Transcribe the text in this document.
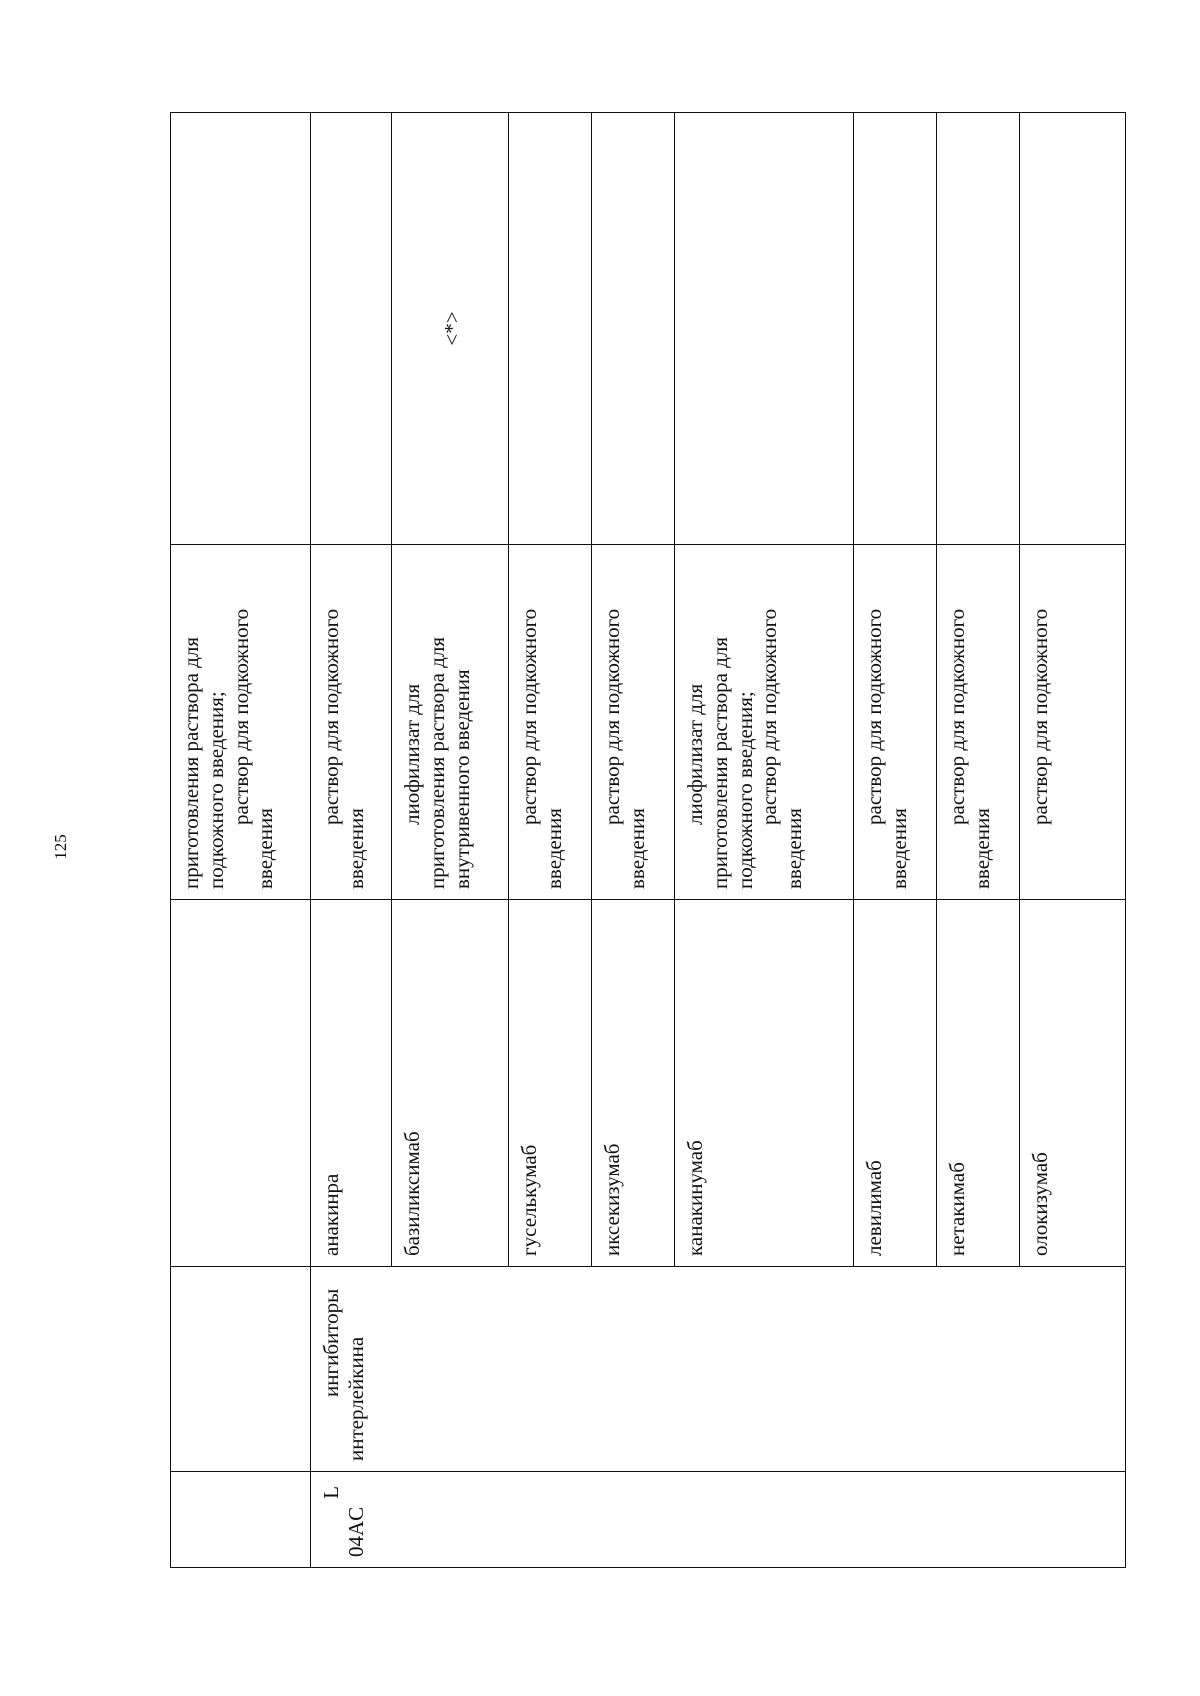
125

			приготовления раствора для подкожного введения; раствор для подкожного
введения	

L
04AC	ингибиторы интерлейкина	анакинра	раствор для подкожного
введения	

		базиликсимаб	лиофилизат для приготовления раствора для внутривенного введения	<*>
		гуселькумаб	раствор для подкожного
введения	

		иксекизумаб	раствор для подкожного
введения	

		канакинумаб	лиофилизат для приготовления раствора для подкожного введения; раствор для подкожного
введения	

		левилимаб	раствор для подкожного
введения	

		нетакимаб	раствор для подкожного
введения	

		олокизумаб	раствор для подкожного	
